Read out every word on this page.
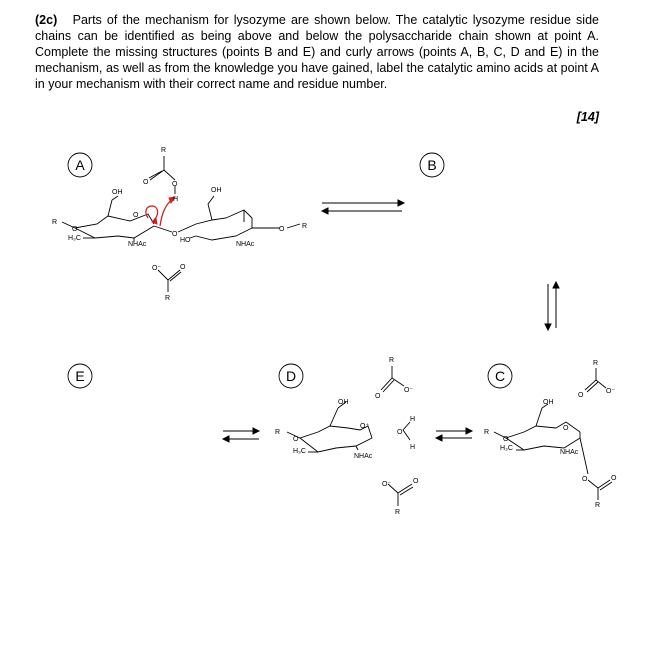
(2c) Parts of the mechanism for lysozyme are shown below. The catalytic lysozyme residue side chains can be identified as being above and below the polysaccharide chain shown at point A. Complete the missing structures (points B and E) and curly arrows (points A, B, C, D and E) in the mechanism, as well as from the knowledge you have gained, label the catalytic amino acids at point A in your mechanism with their correct name and residue number.
[14]
A	B
C
D
E
R
O	O
H
OH	OH
R
O
H₃C
NHAc
O
O
HO
NHAc
O	R
O⁻	O
R
R
O
O⁻
OH
O⁺
R
O
H₃C
NHAc
H
O
H
O⁻	O
R
R
O
O⁻
OH
R
O
H₃C
O
NHAc
O	O
R
